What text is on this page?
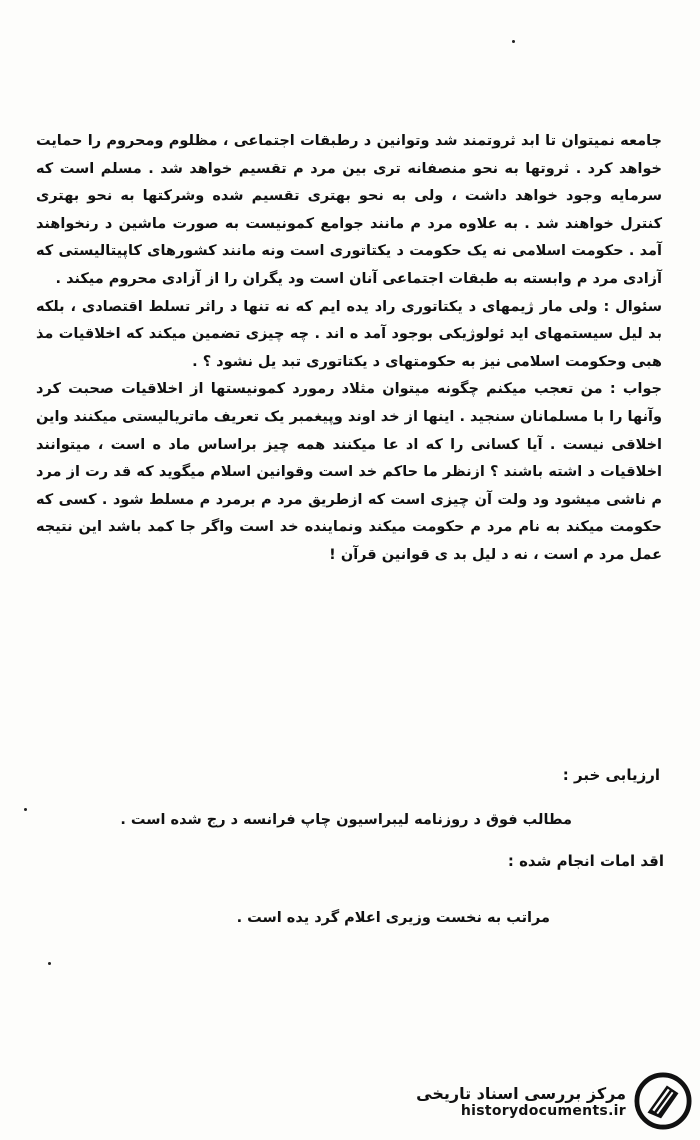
جامعه نمیتوان تا ابد ثروتمند شد وتوانین د رطبقات اجتماعی ، مظلوم ومحروم را حمایت خواهد کرد . ثروتها به نحو منصفانه تری بین مرد م تقسیم خواهد شد . مسلم است که سرمایه وجود خواهد داشت ، ولی به نحو بهتری تقسیم شده وشرکتها به نحو بهتری کنترل خواهند شد . به علاوه مرد م مانند جوامع کمونیست به صورت ماشین د رنخواهند آمد . حکومت اسلامی نه یک حکومت د یکتاتوری است ونه مانند کشورهای کاپیتالیستی که آزادی مرد م وابسته به طبقات اجتماعی آنان است ود یگران را از آزادی محروم میکند .

سئوال : ولی مار ژیمهای د یکتاتوری راد یده ایم که نه تنها د راثر تسلط اقتصادی ، بلکه بد لیل سیستمهای اید ئولوژیکی بوجود آمد ه اند . چه چیزی تضمین میکند که اخلاقیات مذ هبی وحکومت اسلامی نیز به حکومتهای د یکتاتوری تبد یل نشود ؟ .

جواب : من تعجب میکنم چگونه میتوان مثلاد رمورد کمونیستها از اخلاقیات صحبت کرد وآنها را با مسلمانان سنجید . اینها از خد اوند وپیغمبر یک تعریف ماتریالیستی میکنند واین اخلاقی نیست . آیا کسانی را که اد عا میکنند همه چیز براساس ماد ه است ، میتوانند اخلاقیات د اشته باشند ؟ ازنظر ما حاکم خد است وقوانین اسلام میگوید که قد رت از مرد م ناشی میشود ود ولت آن چیزی است که ازطریق مرد م برمرد م مسلط شود . کسی که حکومت میکند به نام مرد م حکومت میکند ونماینده خد است واگر جا کمد باشد این نتیجه عمل مرد م است ، نه د لیل بد ی قوانین قرآن !

ارزیابی خبر :
مطالب فوق د روزنامه لیبراسیون چاپ فرانسه د رج شده است .
اقد امات انجام شده :
مراتب به نخست وزیری اعلام گرد یده است .
مرکز بررسی اسناد تاریخی
historydocuments.ir
